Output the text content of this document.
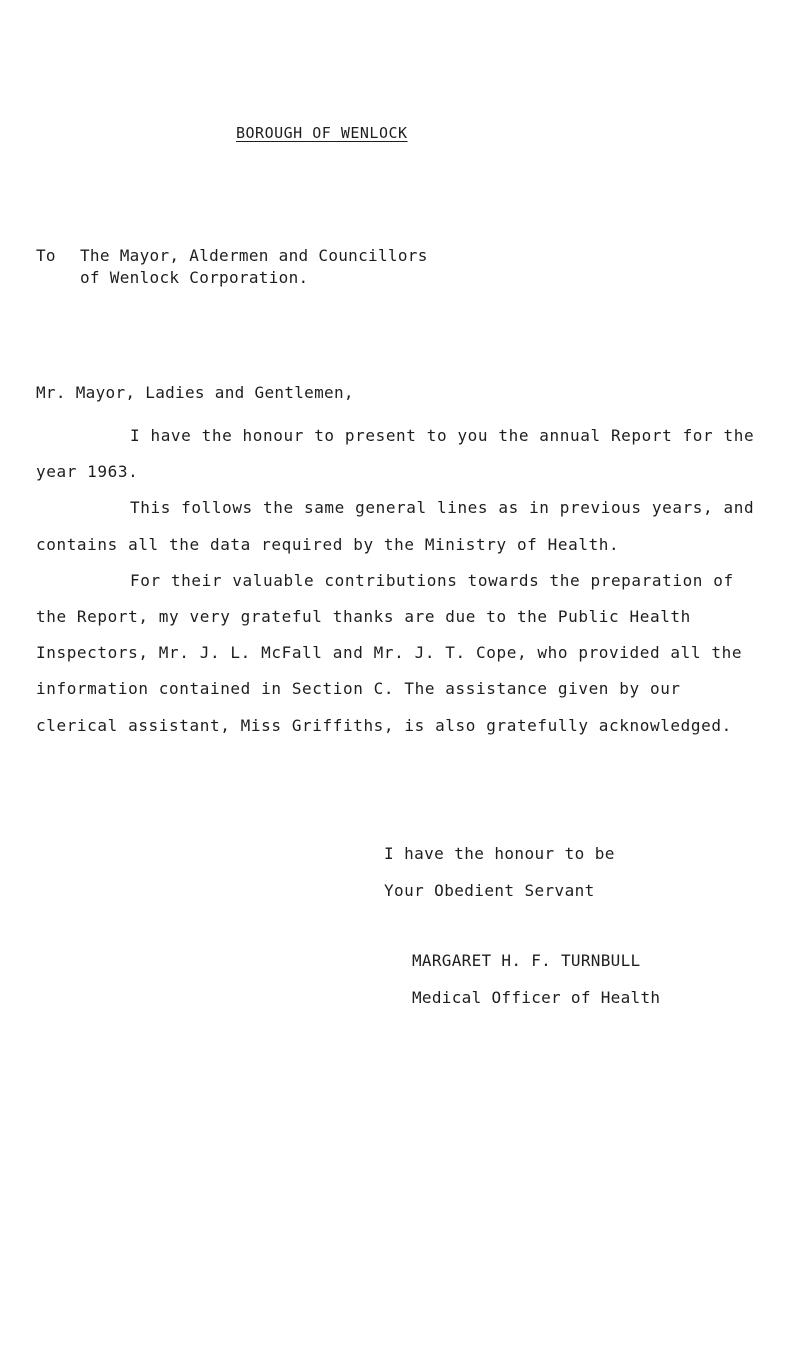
BOROUGH OF WENLOCK
To The Mayor, Aldermen and Councillors
of Wenlock Corporation.
Mr. Mayor, Ladies and Gentlemen,

I have the honour to present to you the annual Report for the year 1963.

This follows the same general lines as in previous years, and contains all the data required by the Ministry of Health.

For their valuable contributions towards the preparation of the Report, my very grateful thanks are due to the Public Health Inspectors, Mr. J. L. McFall and Mr. J. T. Cope, who provided all the information contained in Section C. The assistance given by our clerical assistant, Miss Griffiths, is also gratefully acknowledged.

I have the honour to be
Your Obedient Servant
MARGARET H. F. TURNBULL
Medical Officer of Health
